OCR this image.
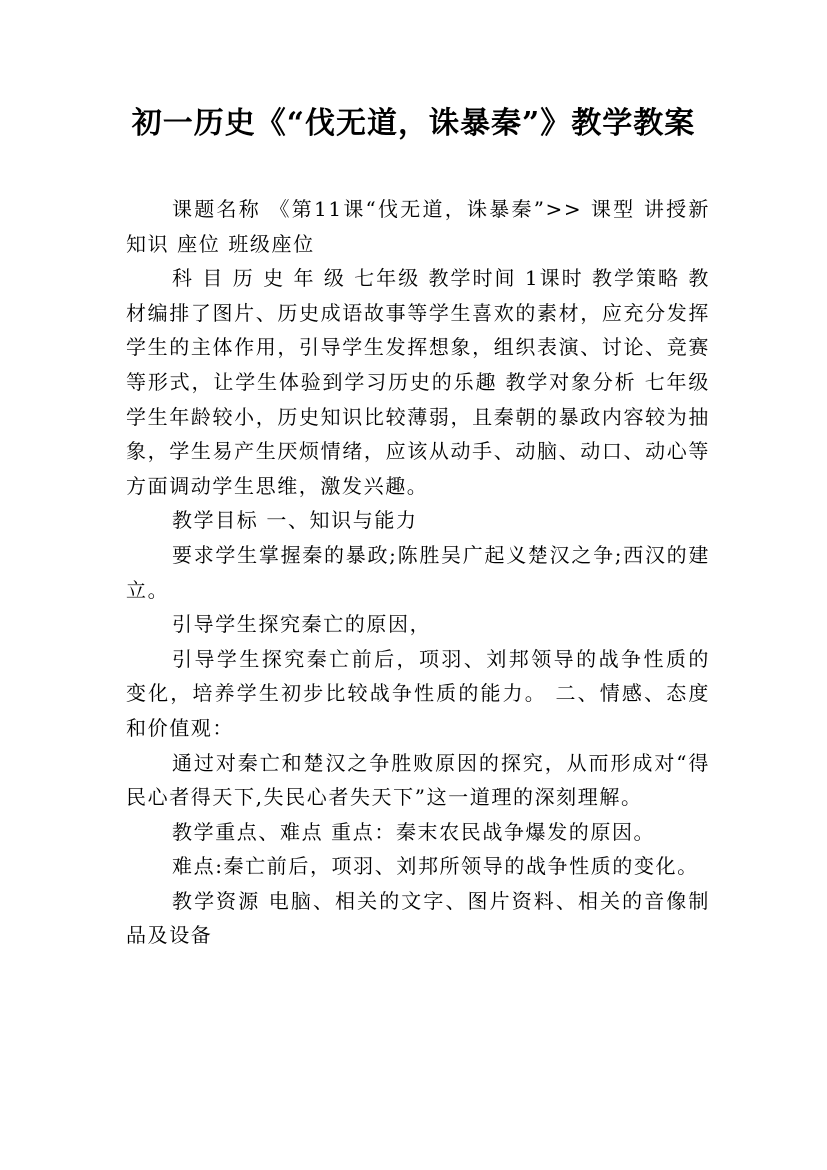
初一历史《“伐无道，诛暴秦”》教学教案

课题名称 《第11课“伐无道，诛暴秦”>> 课型 讲授新知识 座位 班级座位

科 目 历 史 年 级 七年级 教学时间 1课时 教学策略 教材编排了图片、历史成语故事等学生喜欢的素材，应充分发挥学生的主体作用，引导学生发挥想象，组织表演、讨论、竞赛等形式，让学生体验到学习历史的乐趣 教学对象分析 七年级学生年龄较小，历史知识比较薄弱，且秦朝的暴政内容较为抽象，学生易产生厌烦情绪，应该从动手、动脑、动口、动心等方面调动学生思维，激发兴趣。

教学目标 一、知识与能力

要求学生掌握秦的暴政;陈胜吴广起义楚汉之争;西汉的建立。

引导学生探究秦亡的原因，

引导学生探究秦亡前后，项羽、刘邦领导的战争性质的变化，培养学生初步比较战争性质的能力。 二、情感、态度和价值观：

通过对秦亡和楚汉之争胜败原因的探究，从而形成对“得民心者得天下,失民心者失天下”这一道理的深刻理解。

教学重点、难点 重点：秦末农民战争爆发的原因。

难点:秦亡前后，项羽、刘邦所领导的战争性质的变化。

教学资源 电脑、相关的文字、图片资料、相关的音像制品及设备
